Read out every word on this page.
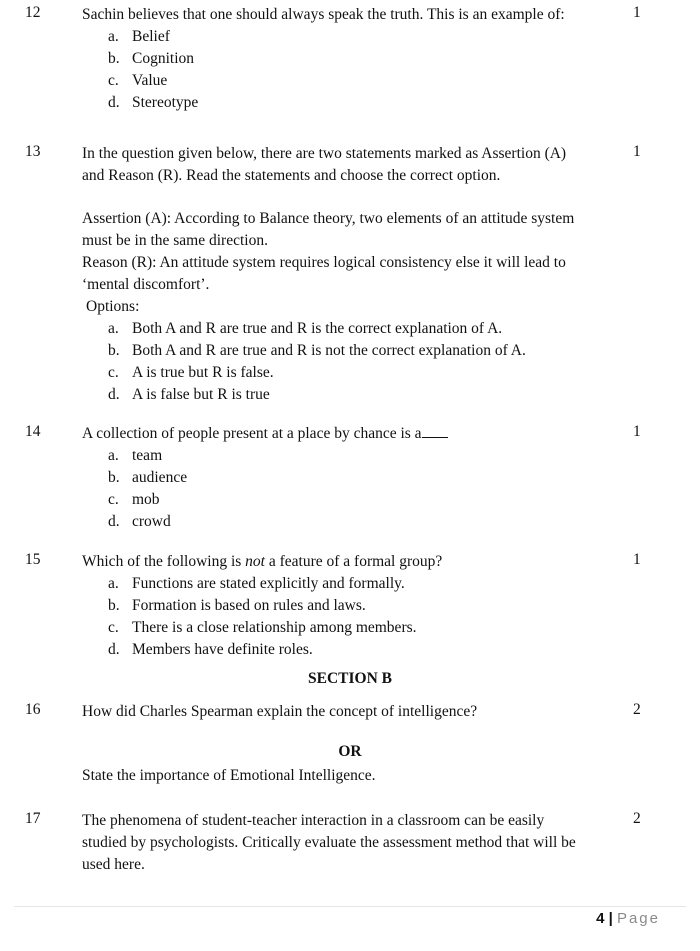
12	1
Sachin believes that one should always speak the truth. This is an example of:
a. Belief
b. Cognition
c. Value
d. Stereotype
13	1
In the question given below, there are two statements marked as Assertion (A)
and Reason (R). Read the statements and choose the correct option.
Assertion (A): According to Balance theory, two elements of an attitude system
must be in the same direction.
Reason (R): An attitude system requires logical consistency else it will lead to
‘mental discomfort’.
Options:
a. Both A and R are true and R is the correct explanation of A.
b. Both A and R are true and R is not the correct explanation of A.
c. A is true but R is false.
d. A is false but R is true
14	1
A collection of people present at a place by chance is a
a. team
b. audience
c. mob
d. crowd
15	1
Which of the following is not a feature of a formal group?
a. Functions are stated explicitly and formally.
b. Formation is based on rules and laws.
c. There is a close relationship among members.
d. Members have definite roles.
SECTION B
16	2
How did Charles Spearman explain the concept of intelligence?
OR
State the importance of Emotional Intelligence.
17	2
The phenomena of student-teacher interaction in a classroom can be easily
studied by psychologists. Critically evaluate the assessment method that will be
used here.
4 | Page
